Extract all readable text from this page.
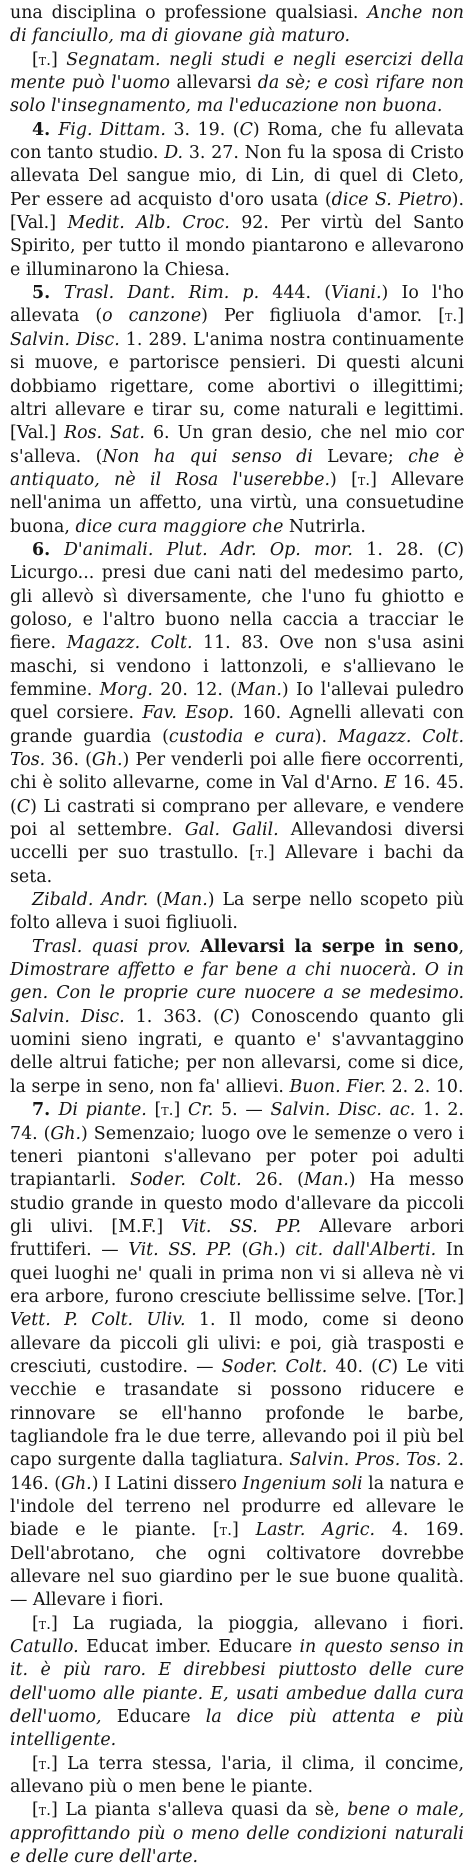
una disciplina o professione qualsiasi. Anche non di fanciullo, ma di giovane già maturo.

[t.] Segnatam. negli studi e negli esercizi della mente può l'uomo allevarsi da sè; e così rifare non solo l'insegnamento, ma l'educazione non buona.

4. Fig. Dittam. 3. 19. (C) Roma, che fu allevata con tanto studio. D. 3. 27. Non fu la sposa di Cristo allevata Del sangue mio, di Lin, di quel di Cleto, Per essere ad acquisto d'oro usata (dice S. Pietro). [Val.] Medit. Alb. Croc. 92. Per virtù del Santo Spirito, per tutto il mondo piantarono e allevarono e illuminarono la Chiesa.

5. Trasl. Dant. Rim. p. 444. (Viani.) Io l'ho allevata (o canzone) Per figliuola d'amor. [t.] Salvin. Disc. 1. 289. L'anima nostra continuamente si muove, e partorisce pensieri. Di questi alcuni dobbiamo rigettare, come abortivi o illegittimi; altri allevare e tirar su, come naturali e legittimi. [Val.] Ros. Sat. 6. Un gran desio, che nel mio cor s'alleva. (Non ha qui senso di Levare; che è antiquato, nè il Rosa l'userebbe.) [t.] Allevare nell'anima un affetto, una virtù, una consuetudine buona, dice cura maggiore che Nutrirla.

6. D'animali. Plut. Adr. Op. mor. 1. 28. (C) Licurgo... presi due cani nati del medesimo parto, gli allevò sì diversamente, che l'uno fu ghiotto e goloso, e l'altro buono nella caccia a tracciar le fiere. Magazz. Colt. 11. 83. Ove non s'usa asini maschi, si vendono i lattonzoli, e s'allievano le femmine. Morg. 20. 12. (Man.) Io l'allevai puledro quel corsiere. Fav. Esop. 160. Agnelli allevati con grande guardia (custodia e cura). Magazz. Colt. Tos. 36. (Gh.) Per venderli poi alle fiere occorrenti, chi è solito allevarne, come in Val d'Arno. E 16. 45. (C) Li castrati si comprano per allevare, e vendere poi al settembre. Gal. Galil. Allevandosi diversi uccelli per suo trastullo. [t.] Allevare i bachi da seta.

Zibald. Andr. (Man.) La serpe nello scopeto più folto alleva i suoi figliuoli.

Trasl. quasi prov. Allevarsi la serpe in seno, Dimostrare affetto e far bene a chi nuocerà. O in gen. Con le proprie cure nuocere a se medesimo. Salvin. Disc. 1. 363. (C) Conoscendo quanto gli uomini sieno ingrati, e quanto e' s'avvantaggino delle altrui fatiche; per non allevarsi, come si dice, la serpe in seno, non fa' allievi. Buon. Fier. 2. 2. 10.

7. Di piante. [t.] Cr. 5. — Salvin. Disc. ac. 1. 2. 74. (Gh.) Semenzaio; luogo ove le semenze o vero i teneri piantoni s'allevano per poter poi adulti trapiantarli. Soder. Colt. 26. (Man.) Ha messo studio grande in questo modo d'allevare da piccoli gli ulivi. [M.F.] Vit. SS. PP. Allevare arbori fruttiferi. — Vit. SS. PP. (Gh.) cit. dall'Alberti. In quei luoghi ne' quali in prima non vi si alleva nè vi era arbore, furono cresciute bellissime selve. [Tor.] Vett. P. Colt. Uliv. 1. Il modo, come si deono allevare da piccoli gli ulivi: e poi, già trasposti e cresciuti, custodire. — Soder. Colt. 40. (C) Le viti vecchie e trasandate si possono riducere e rinnovare se ell'hanno profonde le barbe, tagliandole fra le due terre, allevando poi il più bel capo surgente dalla tagliatura. Salvin. Pros. Tos. 2. 146. (Gh.) I Latini dissero Ingenium soli la natura e l'indole del terreno nel produrre ed allevare le biade e le piante. [t.] Lastr. Agric. 4. 169. Dell'abrotano, che ogni coltivatore dovrebbe allevare nel suo giardino per le sue buone qualità. — Allevare i fiori.

[t.] La rugiada, la pioggia, allevano i fiori. Catullo. Educat imber. Educare in questo senso in it. è più raro. E direbbesi piuttosto delle cure dell'uomo alle piante. E, usati ambedue dalla cura dell'uomo, Educare la dice più attenta e più intelligente.

[t.] La terra stessa, l'aria, il clima, il concime, allevano più o men bene le piante.

[t.] La pianta s'alleva quasi da sè, bene o male, approfittando più o meno delle condizioni naturali e delle cure dell'arte.
